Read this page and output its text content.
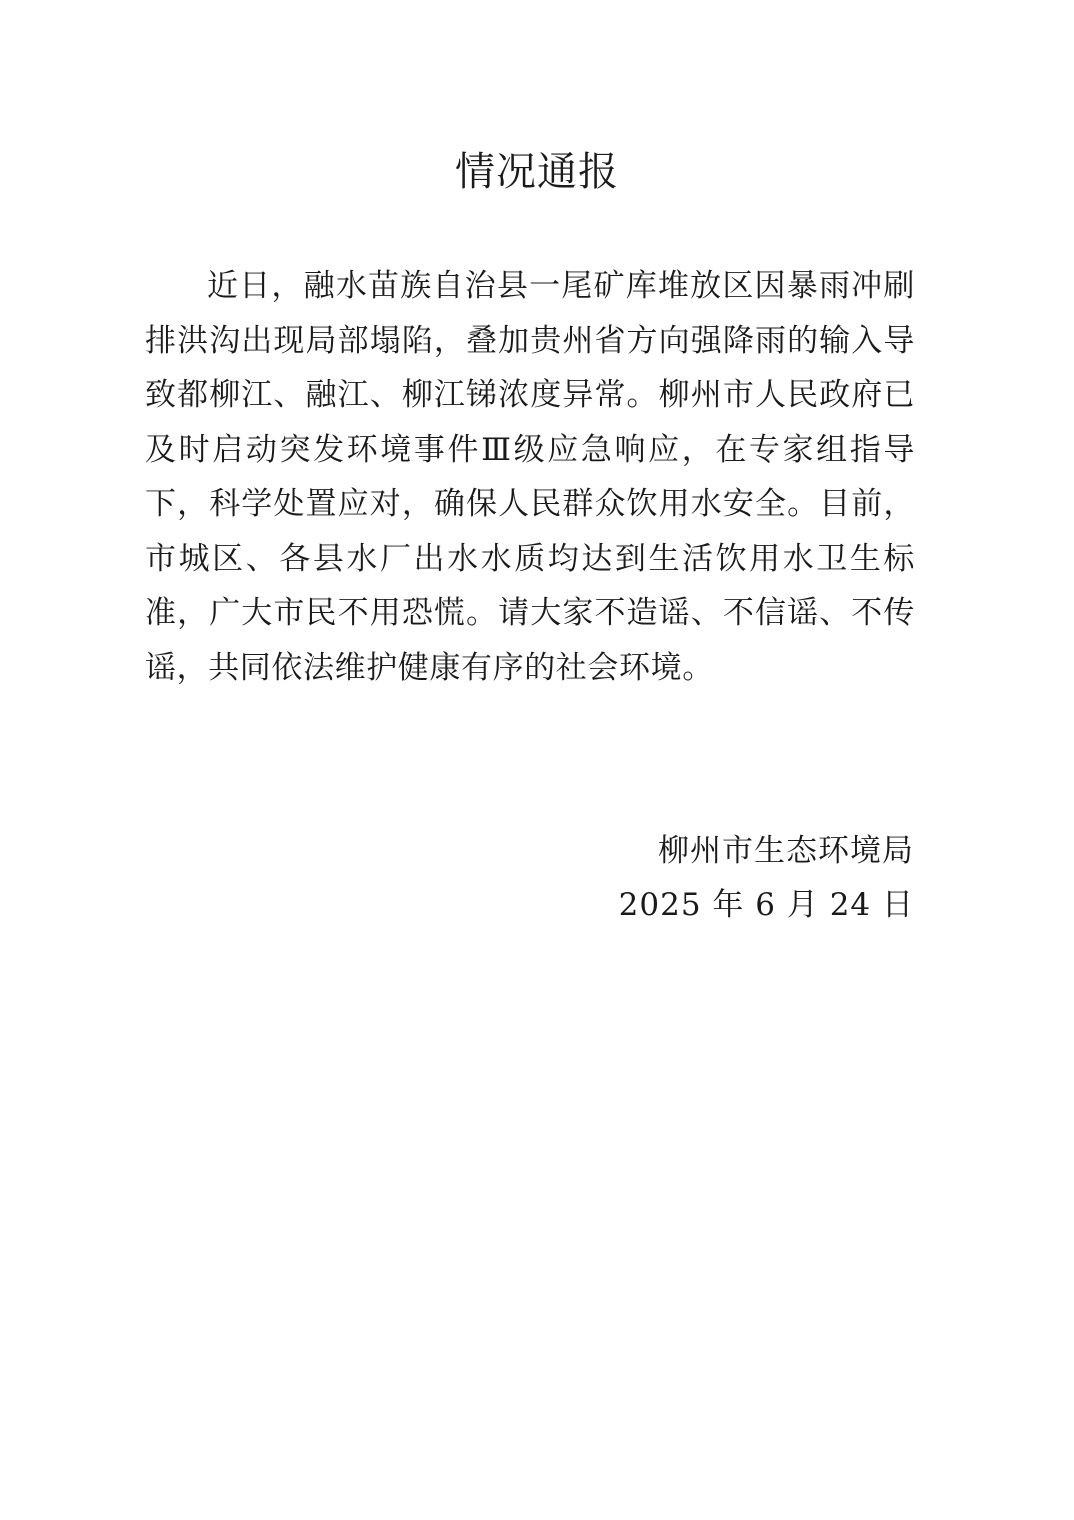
情况通报

近日，融水苗族自治县一尾矿库堆放区因暴雨冲刷排洪沟出现局部塌陷，叠加贵州省方向强降雨的输入导致都柳江、融江、柳江锑浓度异常。柳州市人民政府已及时启动突发环境事件Ⅲ级应急响应，在专家组指导下，科学处置应对，确保人民群众饮用水安全。目前，市城区、各县水厂出水水质均达到生活饮用水卫生标准，广大市民不用恐慌。请大家不造谣、不信谣、不传谣，共同依法维护健康有序的社会环境。

柳州市生态环境局
2025 年 6 月 24 日
